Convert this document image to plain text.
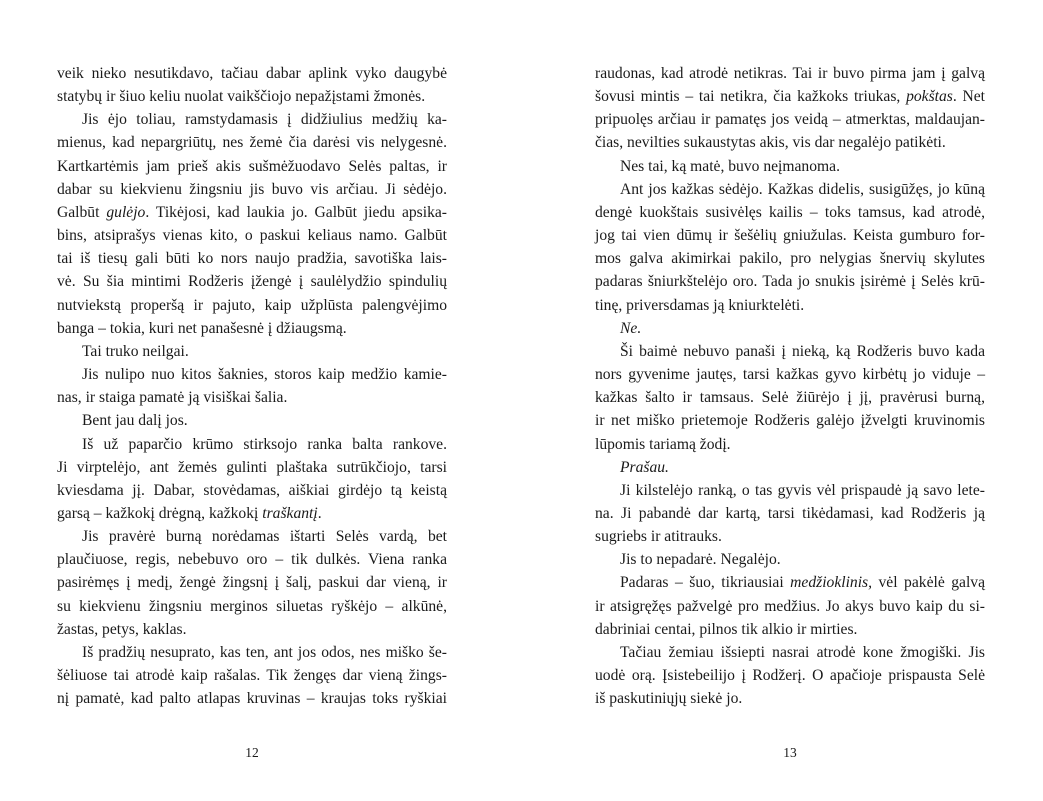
veik nieko nesutikdavo, tačiau dabar aplink vyko daugybė
statybų ir šiuo keliu nuolat vaikščiojo nepažįstami žmonės.
Jis ėjo toliau, ramstydamasis į didžiulius medžių ka-
mienus, kad nepargriūtų, nes žemė čia darėsi vis nelygesnė.
Kartkartėmis jam prieš akis sušmėžuodavo Selės paltas, ir
dabar su kiekvienu žingsniu jis buvo vis arčiau. Ji sėdėjo.
Galbūt gulėjo. Tikėjosi, kad laukia jo. Galbūt jiedu apsika-
bins, atsiprašys vienas kito, o paskui keliaus namo. Galbūt
tai iš tiesų gali būti ko nors naujo pradžia, savotiška lais-
vė. Su šia mintimi Rodžeris įžengė į saulėlydžio spindulių
nutviekstą properšą ir pajuto, kaip užplūsta palengvėjimo
banga – tokia, kuri net panašesnė į džiaugsmą.
Tai truko neilgai.
Jis nulipo nuo kitos šaknies, storos kaip medžio kamie-
nas, ir staiga pamatė ją visiškai šalia.
Bent jau dalį jos.
Iš už paparčio krūmo stirksojo ranka balta rankove.
Ji virptelėjo, ant žemės gulinti plaštaka sutrūkčiojo, tarsi
kviesdama jį. Dabar, stovėdamas, aiškiai girdėjo tą keistą
garsą – kažkokį drėgną, kažkokį traškantį.
Jis pravėrė burną norėdamas ištarti Selės vardą, bet
plaučiuose, regis, nebebuvo oro – tik dulkės. Viena ranka
pasirėmęs į medį, žengė žingsnį į šalį, paskui dar vieną, ir
su kiekvienu žingsniu merginos siluetas ryškėjo – alkūnė,
žastas, petys, kaklas.
Iš pradžių nesuprato, kas ten, ant jos odos, nes miško še-
šėliuose tai atrodė kaip rašalas. Tik žengęs dar vieną žings-
nį pamatė, kad palto atlapas kruvinas – kraujas toks ryškiai
12
raudonas, kad atrodė netikras. Tai ir buvo pirma jam į galvą
šovusi mintis – tai netikra, čia kažkoks triukas, pokštas. Net
pripuolęs arčiau ir pamatęs jos veidą – atmerktas, maldaujan-
čias, nevilties sukaustytas akis, vis dar negalėjo patikėti.
Nes tai, ką matė, buvo neįmanoma.
Ant jos kažkas sėdėjo. Kažkas didelis, susigūžęs, jo kūną
dengė kuokštais susivėlęs kailis – toks tamsus, kad atrodė,
jog tai vien dūmų ir šešėlių gniužulas. Keista gumburo for-
mos galva akimirkai pakilo, pro nelygias šnervių skylutes
padaras šniurkštelėjo oro. Tada jo snukis įsirėmė į Selės krū-
tinę, priversdamas ją kniurktelėti.
Ne.
Ši baimė nebuvo panaši į nieką, ką Rodžeris buvo kada
nors gyvenime jautęs, tarsi kažkas gyvo kirbėtų jo viduje –
kažkas šalto ir tamsaus. Selė žiūrėjo į jį, pravėrusi burną,
ir net miško prietemoje Rodžeris galėjo įžvelgti kruvinomis
lūpomis tariamą žodį.
Prašau.
Ji kilstelėjo ranką, o tas gyvis vėl prispaudė ją savo lete-
na. Ji pabandė dar kartą, tarsi tikėdamasi, kad Rodžeris ją
sugriebs ir atitrauks.
Jis to nepadarė. Negalėjo.
Padaras – šuo, tikriausiai medžioklinis, vėl pakėlė galvą
ir atsigręžęs pažvelgė pro medžius. Jo akys buvo kaip du si-
dabriniai centai, pilnos tik alkio ir mirties.
Tačiau žemiau išsiepti nasrai atrodė kone žmogiški. Jis
uodė orą. Įsistebeilijo į Rodžerį. O apačioje prispausta Selė
iš paskutiniųjų siekė jo.
13
